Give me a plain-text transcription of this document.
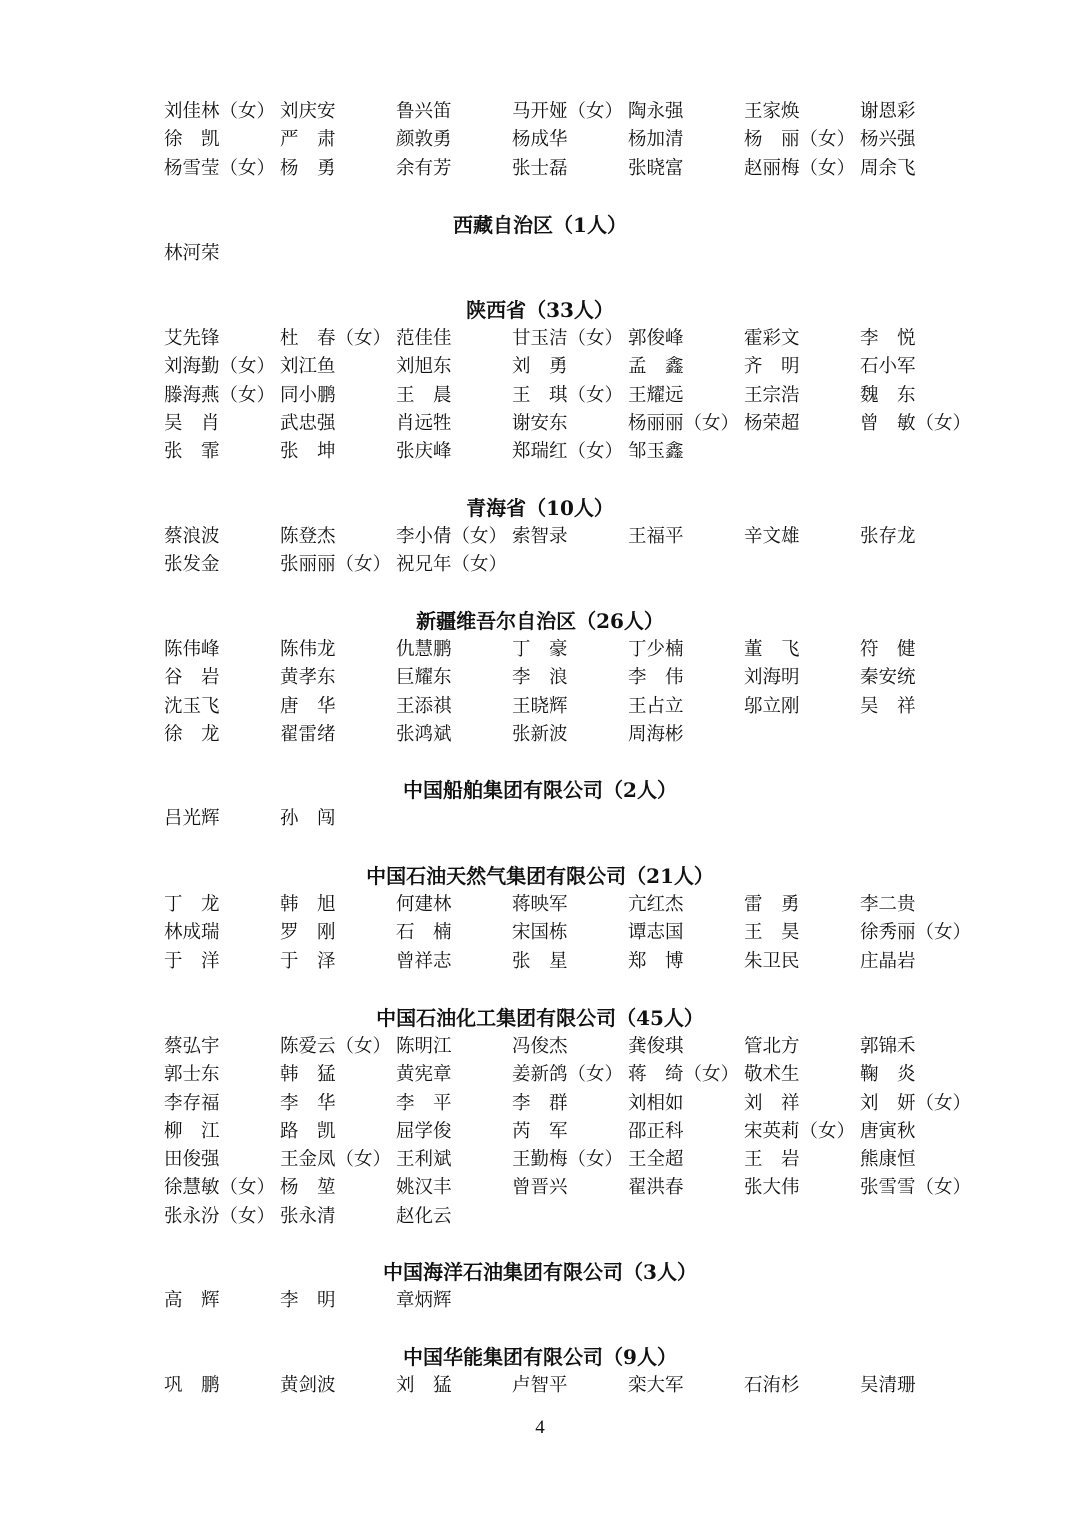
刘佳林（女） 刘庆安	鲁兴笛	马开娅（女） 陶永强	王家焕	谢恩彩
徐　凯	严　肃	颜敦勇	杨成华	杨加清	杨　丽（女） 杨兴强
杨雪莹（女） 杨　勇	余有芳	张士磊	张晓富	赵丽梅（女） 周余飞
西藏自治区（1人）
林河荣
陕西省（33人）
艾先锋	杜　春（女） 范佳佳	甘玉洁（女） 郭俊峰	霍彩文	李　悦
刘海勤（女） 刘江鱼	刘旭东	刘　勇	孟　鑫	齐　明	石小军
滕海燕（女） 同小鹏	王　晨	王　琪（女） 王耀远	王宗浩	魏　东
吴　肖	武忠强	肖远牲	谢安东	杨丽丽（女） 杨荣超	曾　敏（女）
张　霏	张　坤	张庆峰	郑瑞红（女） 邹玉鑫
青海省（10人）
蔡浪波	陈登杰	李小倩（女） 索智录	王福平	辛文雄	张存龙
张发金	张丽丽（女） 祝兄年（女）
新疆维吾尔自治区（26人）
陈伟峰	陈伟龙	仇慧鹏	丁　豪	丁少楠	董　飞	符　健
谷　岩	黄孝东	巨耀东	李　浪	李　伟	刘海明	秦安统
沈玉飞	唐　华	王添祺	王晓辉	王占立	邬立刚	吴　祥
徐　龙	翟雷绪	张鸿斌	张新波	周海彬
中国船舶集团有限公司（2人）
吕光辉	孙　闯
中国石油天然气集团有限公司（21人）
丁　龙	韩　旭	何建林	蒋映军	亢红杰	雷　勇	李二贵
林成瑞	罗　刚	石　楠	宋国栋	谭志国	王　昊	徐秀丽（女）
于　洋	于　泽	曾祥志	张　星	郑　博	朱卫民	庄晶岩
中国石油化工集团有限公司（45人）
蔡弘宇	陈爱云（女） 陈明江	冯俊杰	龚俊琪	管北方	郭锦禾
郭士东	韩　猛	黄宪章	姜新鸽（女） 蒋　绮（女） 敬术生	鞠　炎
李存福	李　华	李　平	李　群	刘相如	刘　祥	刘　妍（女）
柳　江	路　凯	屈学俊	芮　军	邵正科	宋英莉（女） 唐寅秋
田俊强	王金凤（女） 王利斌	王勤梅（女） 王全超	王　岩	熊康恒
徐慧敏（女） 杨　堃	姚汉丰	曾晋兴	翟洪春	张大伟	张雪雪（女）
张永汾（女） 张永清	赵化云
中国海洋石油集团有限公司（3人）
高　辉	李　明	章炳辉
中国华能集团有限公司（9人）
巩　鹏	黄剑波	刘　猛	卢智平	栾大军	石洧杉	吴清珊
4
